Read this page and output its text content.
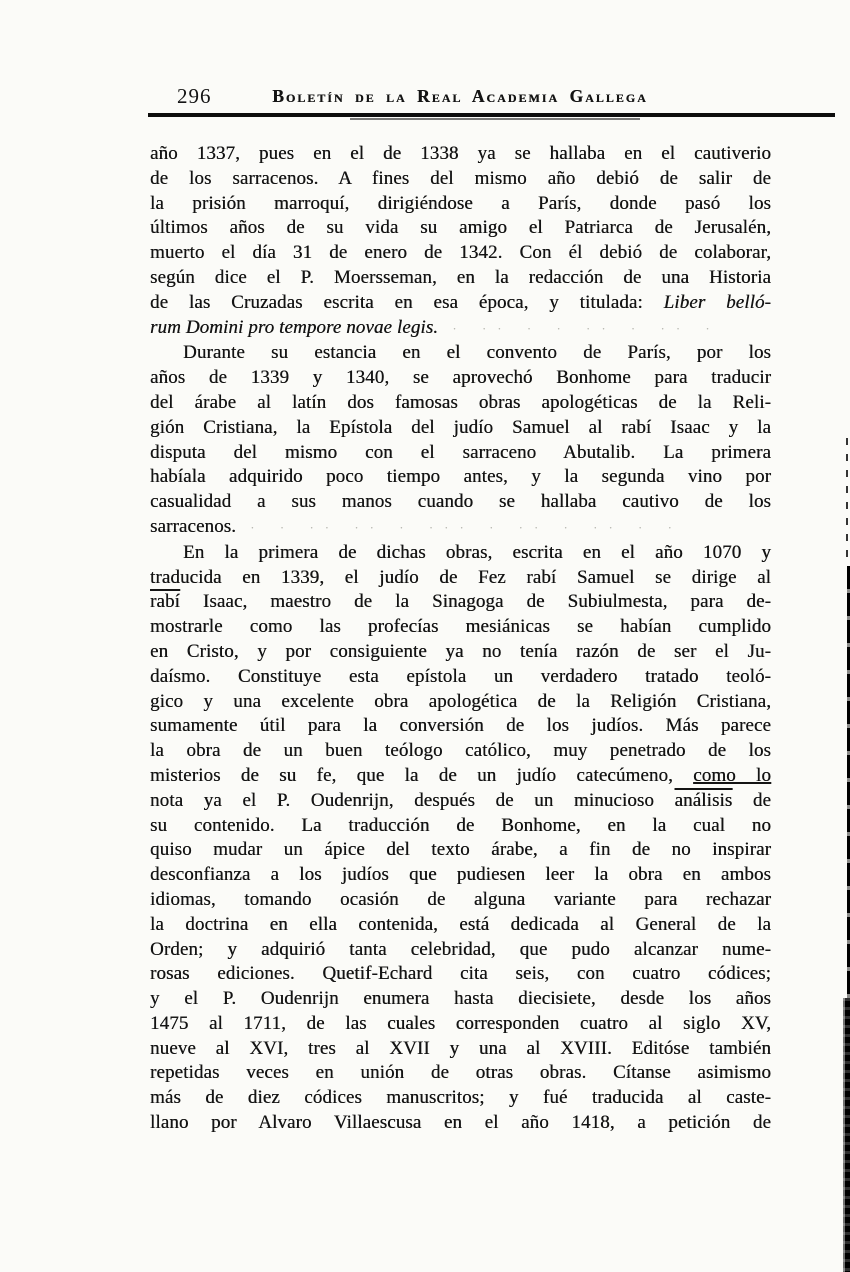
296	Boletín de la Real Academia Gallega
año 1337, pues en el de 1338 ya se hallaba en el cautiverio
de los sarracenos. A fines del mismo año debió de salir de
la prisión marroquí, dirigiéndose a París, donde pasó los
últimos años de su vida su amigo el Patriarca de Jerusalén,
muerto el día 31 de enero de 1342. Con él debió de colaborar,
según dice el P. Moersseman, en la redacción de una Historia
de las Cruzadas escrita en esa época, y titulada: Liber belló-
rum Domini pro tempore novae legis. · ·· · · ·· · ·· ·
Durante su estancia en el convento de París, por los
años de 1339 y 1340, se aprovechó Bonhome para traducir
del árabe al latín dos famosas obras apologéticas de la Reli-
gión Cristiana, la Epístola del judío Samuel al rabí Isaac y la
disputa del mismo con el sarraceno Abutalib. La primera
habíala adquirido poco tiempo antes, y la segunda vino por
casualidad a sus manos cuando se hallaba cautivo de los
sarracenos. · · ·· ·· · ··· · ·· · ·· · ·
En la primera de dichas obras, escrita en el año 1070 y
traducida en 1339, el judío de Fez rabí Samuel se dirige al
rabí Isaac, maestro de la Sinagoga de Subiulmesta, para de-
mostrarle como las profecías mesiánicas se habían cumplido
en Cristo, y por consiguiente ya no tenía razón de ser el Ju-
daísmo. Constituye esta epístola un verdadero tratado teoló-
gico y una excelente obra apologética de la Religión Cristiana,
sumamente útil para la conversión de los judíos. Más parece
la obra de un buen teólogo católico, muy penetrado de los
misterios de su fe, que la de un judío catecúmeno, como lo
nota ya el P. Oudenrijn, después de un minucioso análisis de
su contenido. La traducción de Bonhome, en la cual no
quiso mudar un ápice del texto árabe, a fin de no inspirar
desconfianza a los judíos que pudiesen leer la obra en ambos
idiomas, tomando ocasión de alguna variante para rechazar
la doctrina en ella contenida, está dedicada al General de la
Orden; y adquirió tanta celebridad, que pudo alcanzar nume-
rosas ediciones. Quetif-Echard cita seis, con cuatro códices;
y el P. Oudenrijn enumera hasta diecisiete, desde los años
1475 al 1711, de las cuales corresponden cuatro al siglo XV,
nueve al XVI, tres al XVII y una al XVIII. Editóse también
repetidas veces en unión de otras obras. Cítanse asimismo
más de diez códices manuscritos; y fué traducida al caste-
llano por Alvaro Villaescusa en el año 1418, a petición de
